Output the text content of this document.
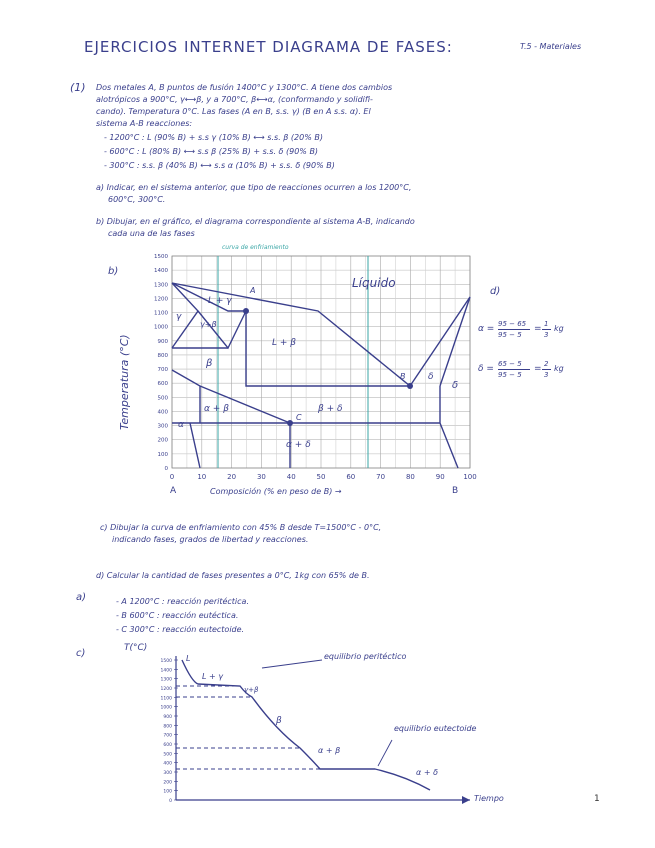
EJERCICIOS INTERNET DIAGRAMA DE FASES:	T.5 - Materiales
(1) Dos metales A, B puntos de fusión 1400°C y 1300°C. A tiene dos cambios
alotrópicos a 900°C, γ⟷β, y a 700°C, β⟷α, (conformando y solidifi-
cando). Temperatura 0°C. Las fases (A en B, s.s. γ) (B en A s.s. α). El
sistema A-B reacciones:
- 1200°C : L (90% B) + s.s γ (10% B) ⟷ s.s. β (20% B)
- 600°C : L (80% B) ⟷ s.s β (25% B) + s.s. δ (90% B)
- 300°C : s.s. β (40% B) ⟷ s.s α (10% B) + s.s. δ (90% B)
a) Indicar, en el sistema anterior, que tipo de reacciones ocurren a los 1200°C,
600°C, 300°C.
b) Dibujar, en el gráfico, el diagrama correspondiente al sistema A-B, indicando
cada una de las fases
b)
1500
1400
1300
1200
1100
1000
900
800
700
600
500
400
300
200
100
0
0	10	20	30	40	50	60	70	80	90	100
Líquido
L + γ
γ
γ+β
L + β
β
α + β	β + δ
α
α + δ
δ
δ
A
B
C
curva de enfriamiento
Temperatura (°C)
Composición (% en peso de B) →
A	B
d)
α = 95 − 65
95 − 5
= 1
3
kg
δ = 65 − 5
95 − 5
= 2
3
kg
c) Dibujar la curva de enfriamiento con 45% B desde T=1500°C - 0°C,
indicando fases, grados de libertad y reacciones.
d) Calcular la cantidad de fases presentes a 0°C, 1kg con 65% de B.
a)	- A 1200°C : reacción peritéctica.
- B 600°C : reacción eutéctica.
- C 300°C : reacción eutectoide.
c)	T(°C)
1500
1400
1300
1200
1100
1000
900
800
700
600
500
400
300
200
100
0
L
L + γ
γ+β
β
α + β
α + δ
equilibrio peritéctico
equilibrio eutectoide
Tiempo	1
